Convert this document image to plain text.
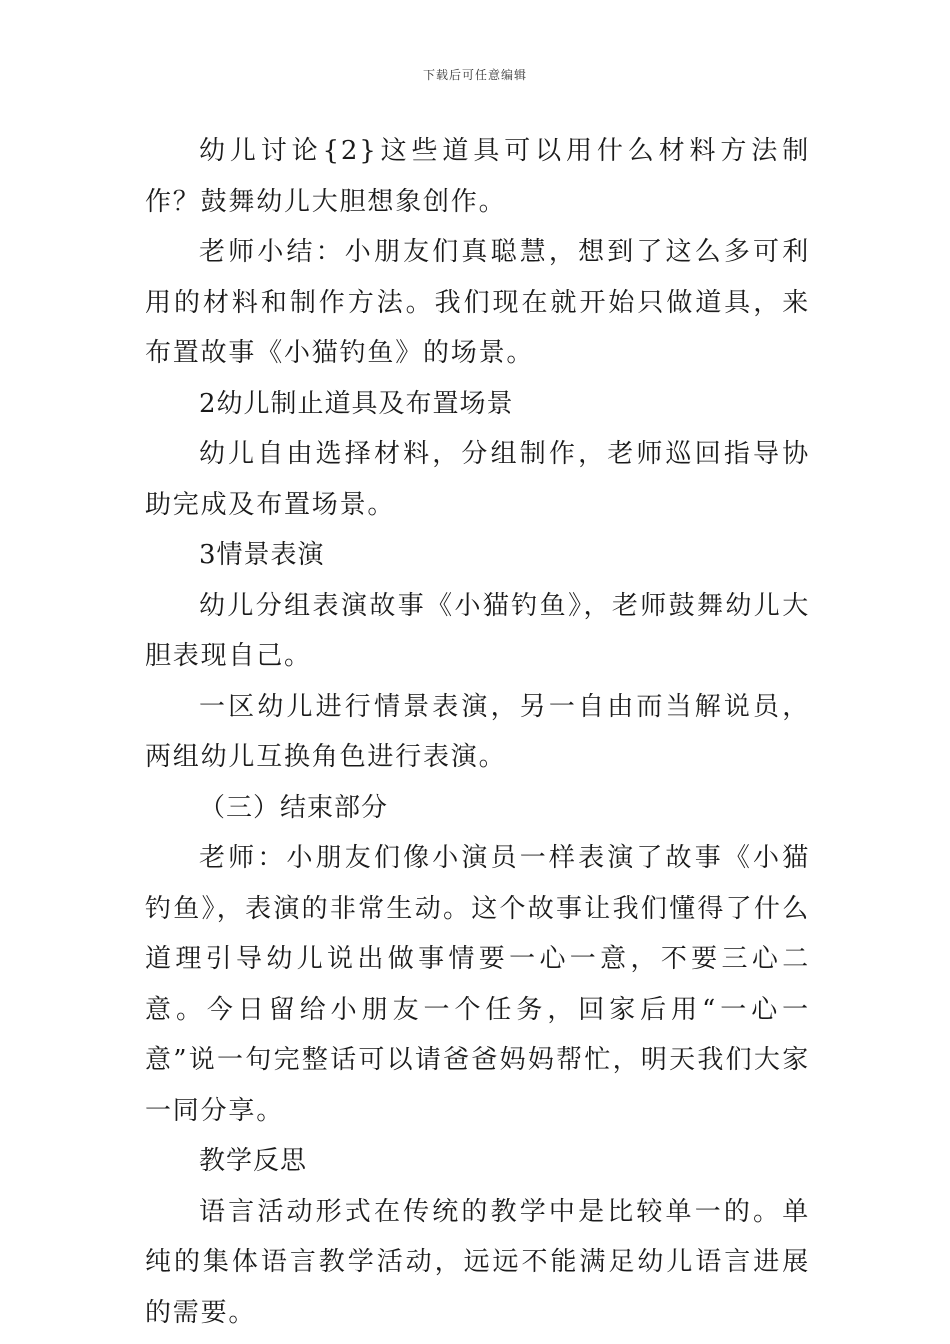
下载后可任意编辑

幼儿讨论{2}这些道具可以用什么材料方法制作？鼓舞幼儿大胆想象创作。

老师小结：小朋友们真聪慧，想到了这么多可利用的材料和制作方法。我们现在就开始只做道具，来布置故事《小猫钓鱼》的场景。

2幼儿制止道具及布置场景

幼儿自由选择材料，分组制作，老师巡回指导协助完成及布置场景。

3情景表演

幼儿分组表演故事《小猫钓鱼》，老师鼓舞幼儿大胆表现自己。

一区幼儿进行情景表演，另一自由而当解说员，两组幼儿互换角色进行表演。

（三）结束部分

老师：小朋友们像小演员一样表演了故事《小猫钓鱼》，表演的非常生动。这个故事让我们懂得了什么道理引导幼儿说出做事情要一心一意，不要三心二意。今日留给小朋友一个任务，回家后用“一心一意”说一句完整话可以请爸爸妈妈帮忙，明天我们大家一同分享。

教学反思

语言活动形式在传统的教学中是比较单一的。单纯的集体语言教学活动，远远不能满足幼儿语言进展的需要。
